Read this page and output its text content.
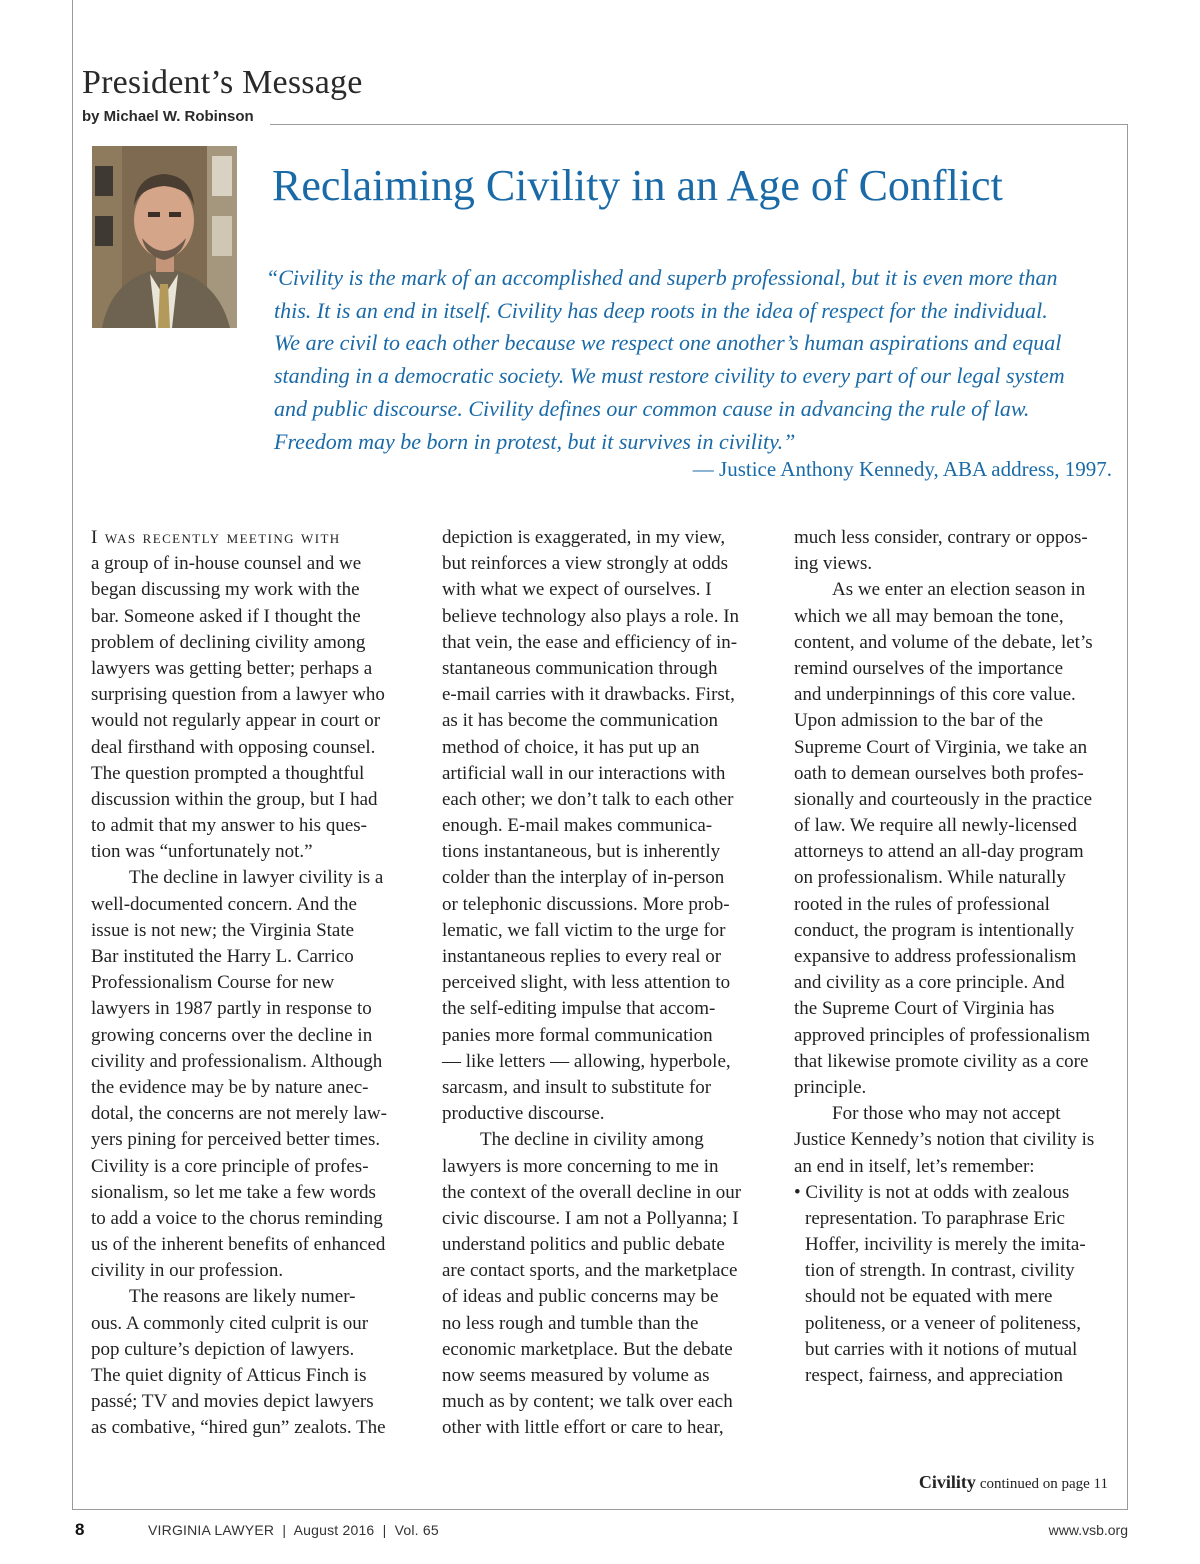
President’s Message
by Michael W. Robinson
Reclaiming Civility in an Age of Conflict
“Civility is the mark of an accomplished and superb professional, but it is even more than
this. It is an end in itself. Civility has deep roots in the idea of respect for the individual.
We are civil to each other because we respect one another’s human aspirations and equal
standing in a democratic society. We must restore civility to every part of our legal system
and public discourse. Civility defines our common cause in advancing the rule of law.
Freedom may be born in protest, but it survives in civility.”
— Justice Anthony Kennedy, ABA address, 1997.
I was recently meeting with
a group of in-house counsel and we
began discussing my work with the
bar. Someone asked if I thought the
problem of declining civility among
lawyers was getting better; perhaps a
surprising question from a lawyer who
would not regularly appear in court or
deal firsthand with opposing counsel.
The question prompted a thoughtful
discussion within the group, but I had
to admit that my answer to his ques-
tion was “unfortunately not.”
The decline in lawyer civility is a
well-documented concern. And the
issue is not new; the Virginia State
Bar instituted the Harry L. Carrico
Professionalism Course for new
lawyers in 1987 partly in response to
growing concerns over the decline in
civility and professionalism. Although
the evidence may be by nature anec-
dotal, the concerns are not merely law-
yers pining for perceived better times.
Civility is a core principle of profes-
sionalism, so let me take a few words
to add a voice to the chorus reminding
us of the inherent benefits of enhanced
civility in our profession.
The reasons are likely numer-
ous. A commonly cited culprit is our
pop culture’s depiction of lawyers.
The quiet dignity of Atticus Finch is
passé; TV and movies depict lawyers
as combative, “hired gun” zealots. The
depiction is exaggerated, in my view,
but reinforces a view strongly at odds
with what we expect of ourselves. I
believe technology also plays a role. In
that vein, the ease and efficiency of in-
stantaneous communication through
e-mail carries with it drawbacks. First,
as it has become the communication
method of choice, it has put up an
artificial wall in our interactions with
each other; we don’t talk to each other
enough. E-mail makes communica-
tions instantaneous, but is inherently
colder than the interplay of in-person
or telephonic discussions. More prob-
lematic, we fall victim to the urge for
instantaneous replies to every real or
perceived slight, with less attention to
the self-editing impulse that accom-
panies more formal communication
— like letters — allowing, hyperbole,
sarcasm, and insult to substitute for
productive discourse.
The decline in civility among
lawyers is more concerning to me in
the context of the overall decline in our
civic discourse. I am not a Pollyanna; I
understand politics and public debate
are contact sports, and the marketplace
of ideas and public concerns may be
no less rough and tumble than the
economic marketplace. But the debate
now seems measured by volume as
much as by content; we talk over each
other with little effort or care to hear,
much less consider, contrary or oppos-
ing views.
As we enter an election season in
which we all may bemoan the tone,
content, and volume of the debate, let’s
remind ourselves of the importance
and underpinnings of this core value.
Upon admission to the bar of the
Supreme Court of Virginia, we take an
oath to demean ourselves both profes-
sionally and courteously in the practice
of law. We require all newly-licensed
attorneys to attend an all-day program
on professionalism. While naturally
rooted in the rules of professional
conduct, the program is intentionally
expansive to address professionalism
and civility as a core principle. And
the Supreme Court of Virginia has
approved principles of professionalism
that likewise promote civility as a core
principle.
For those who may not accept
Justice Kennedy’s notion that civility is
an end in itself, let’s remember:
• Civility is not at odds with zealous
representation. To paraphrase Eric
Hoffer, incivility is merely the imita-
tion of strength. In contrast, civility
should not be equated with mere
politeness, or a veneer of politeness,
but carries with it notions of mutual
respect, fairness, and appreciation
Civility continued on page 11
8	VIRGINIA LAWYER  |  August 2016  |  Vol. 65	www.vsb.org
